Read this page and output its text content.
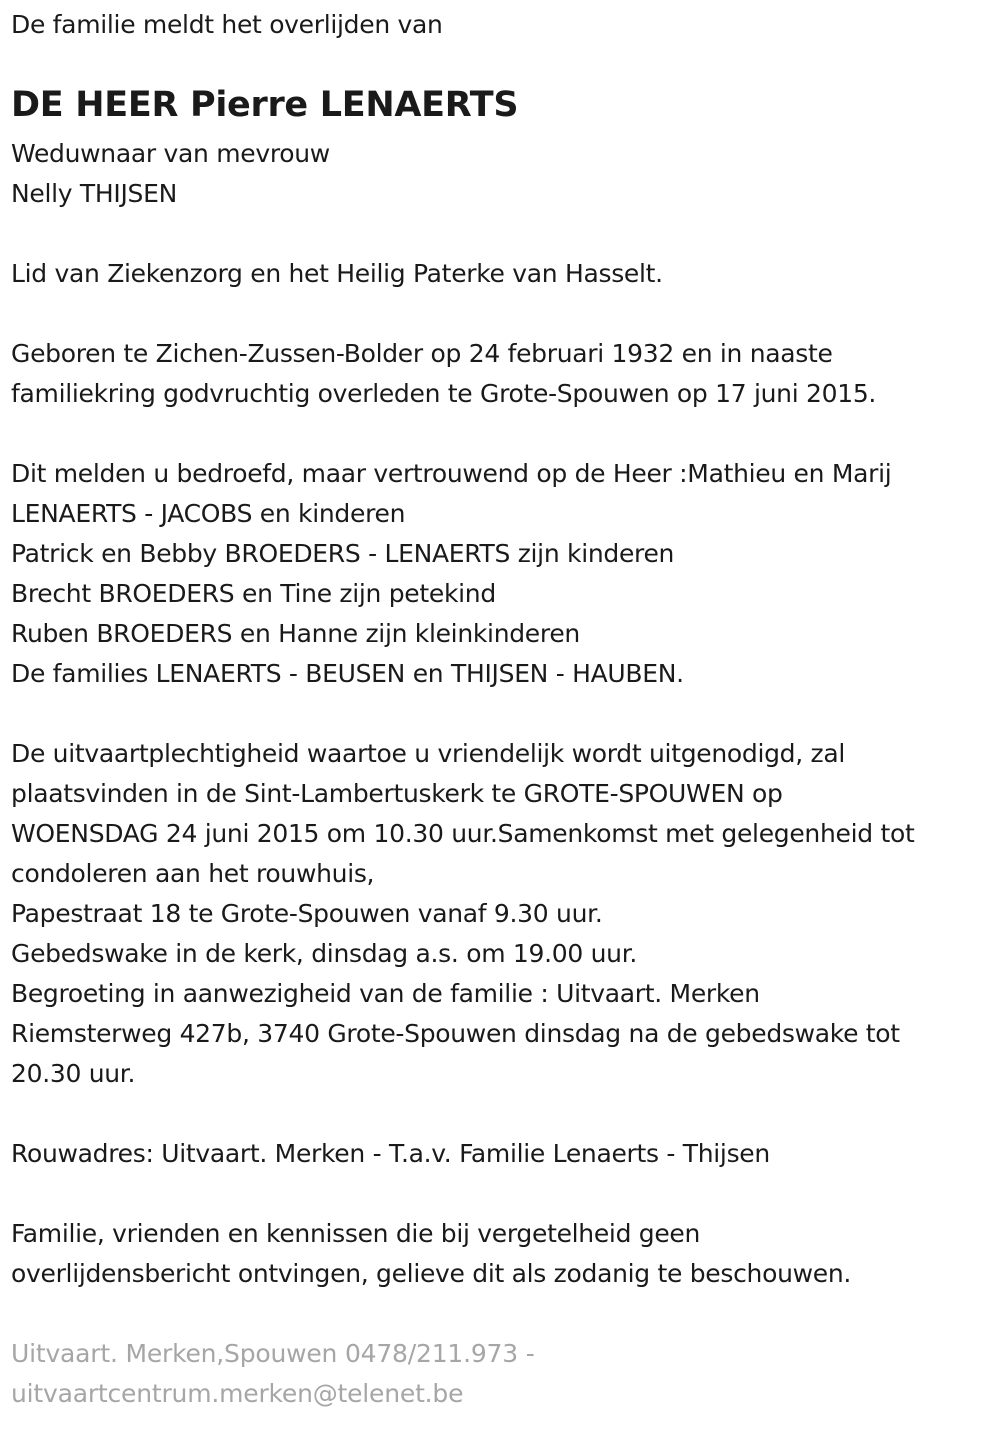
De familie meldt het overlijden van
DE HEER Pierre LENAERTS
Weduwnaar van mevrouw
Nelly THIJSEN
Lid van Ziekenzorg en het Heilig Paterke van Hasselt.
Geboren te Zichen-Zussen-Bolder op 24 februari 1932 en in naaste
familiekring godvruchtig overleden te Grote-Spouwen op 17 juni 2015.
Dit melden u bedroefd, maar vertrouwend op de Heer :Mathieu en Marij
LENAERTS - JACOBS en kinderen
Patrick en Bebby BROEDERS - LENAERTS zijn kinderen
Brecht BROEDERS en Tine zijn petekind
Ruben BROEDERS en Hanne zijn kleinkinderen
De families LENAERTS - BEUSEN en THIJSEN - HAUBEN.
De uitvaartplechtigheid waartoe u vriendelijk wordt uitgenodigd, zal
plaatsvinden in de Sint-Lambertuskerk te GROTE-SPOUWEN op
WOENSDAG 24 juni 2015 om 10.30 uur.Samenkomst met gelegenheid tot
condoleren aan het rouwhuis,
Papestraat 18 te Grote-Spouwen vanaf 9.30 uur.
Gebedswake in de kerk, dinsdag a.s. om 19.00 uur.
Begroeting in aanwezigheid van de familie : Uitvaart. Merken
Riemsterweg 427b, 3740 Grote-Spouwen dinsdag na de gebedswake tot
20.30 uur.
Rouwadres: Uitvaart. Merken - T.a.v. Familie Lenaerts - Thijsen
Familie, vrienden en kennissen die bij vergetelheid geen
overlijdensbericht ontvingen, gelieve dit als zodanig te beschouwen.
Uitvaart. Merken,Spouwen 0478/211.973 -
uitvaartcentrum.merken@telenet.be
